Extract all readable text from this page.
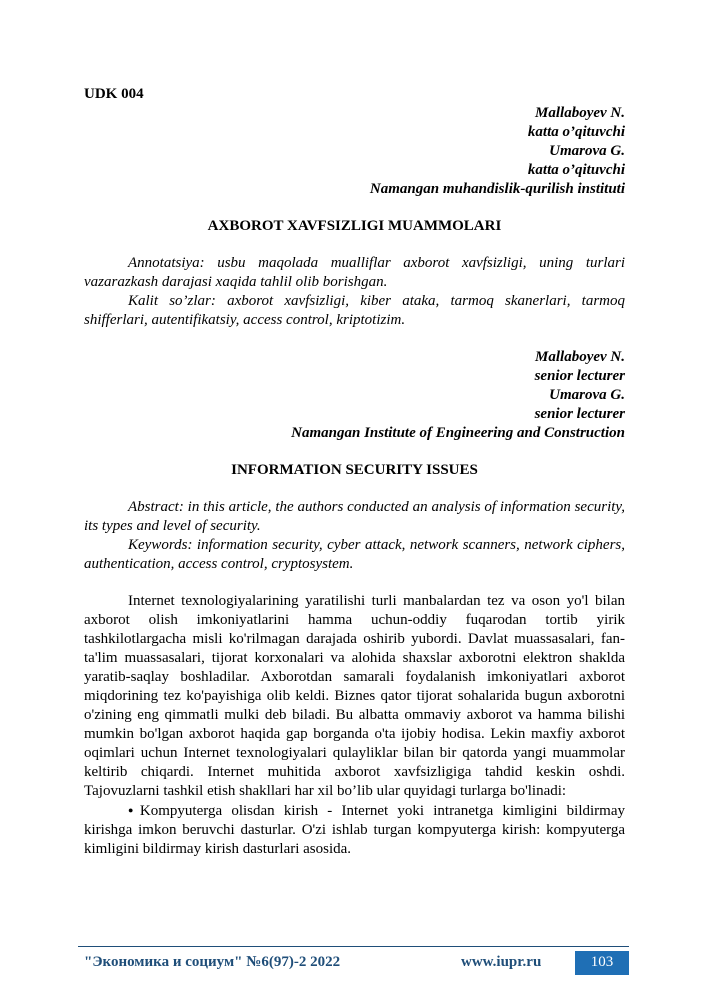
UDK 004

Mallaboyev N.

katta o’qituvchi

Umarova G.

katta o’qituvchi

Namangan muhandislik-qurilish instituti

AXBOROT XAVFSIZLIGI MUAMMOLARI

Annotatsiya: usbu maqolada mualliflar axborot xavfsizligi, uning turlari vazarazkash darajasi xaqida tahlil olib borishgan.

Kalit so’zlar: axborot xavfsizligi, kiber ataka, tarmoq skanerlari, tarmoq shifferlari, autentifikatsiy, access control, kriptotizim.

Mallaboyev N.

senior lecturer

Umarova G.

senior lecturer

Namangan Institute of Engineering and Construction

INFORMATION SECURITY ISSUES

Abstract: in this article, the authors conducted an analysis of information security, its types and level of security.

Keywords: information security, cyber attack, network scanners, network ciphers, authentication, access control, cryptosystem.

Internet texnologiyalarining yaratilishi turli manbalardan tez va oson yo'l bilan axborot olish imkoniyatlarini hamma uchun-oddiy fuqarodan tortib yirik tashkilotlargacha misli ko'rilmagan darajada oshirib yubordi. Davlat muassasalari, fan-ta'lim muassasalari, tijorat korxonalari va alohida shaxslar axborotni elektron shaklda yaratib-saqlay boshladilar. Axborotdan samarali foydalanish imkoniyatlari axborot miqdorining tez ko'payishiga olib keldi. Biznes qator tijorat sohalarida bugun axborotni o'zining eng qimmatli mulki deb biladi. Bu albatta ommaviy axborot va hamma bilishi mumkin bo'lgan axborot haqida gap borganda o'ta ijobiy hodisa. Lekin maxfiy axborot oqimlari uchun Internet texnologiyalari qulayliklar bilan bir qatorda yangi muammolar keltirib chiqardi. Internet muhitida axborot xavfsizligiga tahdid keskin oshdi. Tajovuzlarni tashkil etish shakllari har xil bo’lib ular quyidagi turlarga bo'linadi:

●Kompyuterga olisdan kirish - Internet yoki intranetga kimligini bildirmay kirishga imkon beruvchi dasturlar. O'zi ishlab turgan kompyuterga kirish: kompyuterga kimligini bildirmay kirish dasturlari asosida.

"Экономика и социум" №6(97)-2 2022	www.iupr.ru	103
